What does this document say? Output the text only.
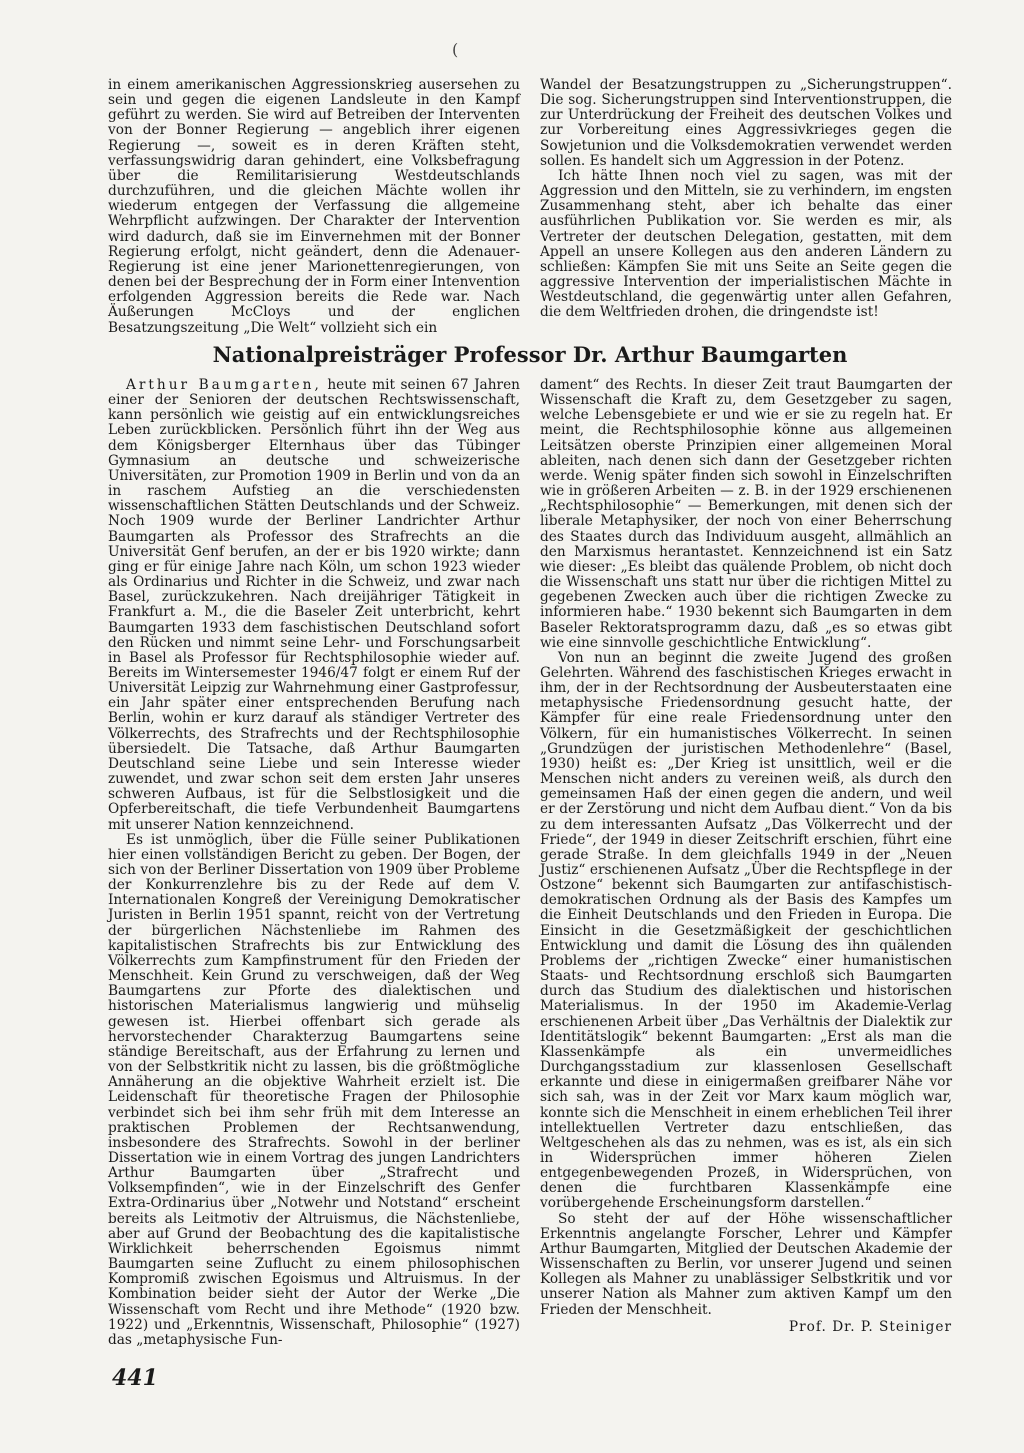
(

in einem amerikanischen Aggressionskrieg ausersehen zu sein und gegen die eigenen Landsleute in den Kampf geführt zu werden. Sie wird auf Betreiben der Interventen von der Bonner Regierung — angeblich ihrer eigenen Regierung —, soweit es in deren Kräften steht, verfassungswidrig daran gehindert, eine Volksbefragung über die Remilitarisierung Westdeutschlands durchzuführen, und die gleichen Mächte wollen ihr wiederum entgegen der Verfassung die allgemeine Wehrpflicht aufzwingen. Der Charakter der Intervention wird dadurch, daß sie im Einvernehmen mit der Bonner Regierung erfolgt, nicht geändert, denn die Adenauer-Regierung ist eine jener Marionettenregierungen, von denen bei der Besprechung der in Form einer Intenvention erfolgenden Aggression bereits die Rede war. Nach Äußerungen McCloys und der englichen Besatzungszeitung „Die Welt“ vollzieht sich ein

Wandel der Besatzungstruppen zu „Sicherungstruppen“. Die sog. Sicherungstruppen sind Interventionstruppen, die zur Unterdrückung der Freiheit des deutschen Volkes und zur Vorbereitung eines Aggressivkrieges gegen die Sowjetunion und die Volksdemokratien verwendet werden sollen. Es handelt sich um Aggression in der Potenz.

Ich hätte Ihnen noch viel zu sagen, was mit der Aggression und den Mitteln, sie zu verhindern, im engsten Zusammenhang steht, aber ich behalte das einer ausführlichen Publikation vor. Sie werden es mir, als Vertreter der deutschen Delegation, gestatten, mit dem Appell an unsere Kollegen aus den anderen Ländern zu schließen: Kämpfen Sie mit uns Seite an Seite gegen die aggressive Intervention der imperialistischen Mächte in Westdeutschland, die gegenwärtig unter allen Gefahren, die dem Weltfrieden drohen, die dringendste ist!

Nationalpreisträger Professor Dr. Arthur Baumgarten

Arthur Baumgarten, heute mit seinen 67 Jahren einer der Senioren der deutschen Rechtswissenschaft, kann persönlich wie geistig auf ein entwicklungsreiches Leben zurückblicken. Persönlich führt ihn der Weg aus dem Königsberger Elternhaus über das Tübinger Gymnasium an deutsche und schweizerische Universitäten, zur Promotion 1909 in Berlin und von da an in raschem Aufstieg an die verschiedensten wissenschaftlichen Stätten Deutschlands und der Schweiz. Noch 1909 wurde der Berliner Landrichter Arthur Baumgarten als Professor des Strafrechts an die Universität Genf berufen, an der er bis 1920 wirkte; dann ging er für einige Jahre nach Köln, um schon 1923 wieder als Ordinarius und Richter in die Schweiz, und zwar nach Basel, zurückzukehren. Nach dreijähriger Tätigkeit in Frankfurt a. M., die die Baseler Zeit unterbricht, kehrt Baumgarten 1933 dem faschistischen Deutschland sofort den Rücken und nimmt seine Lehr- und Forschungsarbeit in Basel als Professor für Rechtsphilosophie wieder auf. Bereits im Wintersemester 1946/47 folgt er einem Ruf der Universität Leipzig zur Wahrnehmung einer Gastprofessur, ein Jahr später einer entsprechenden Berufung nach Berlin, wohin er kurz darauf als ständiger Vertreter des Völkerrechts, des Strafrechts und der Rechtsphilosophie übersiedelt. Die Tatsache, daß Arthur Baumgarten Deutschland seine Liebe und sein Interesse wieder zuwendet, und zwar schon seit dem ersten Jahr unseres schweren Aufbaus, ist für die Selbstlosigkeit und die Opferbereitschaft, die tiefe Verbundenheit Baumgartens mit unserer Nation kennzeichnend.

Es ist unmöglich, über die Fülle seiner Publikationen hier einen vollständigen Bericht zu geben. Der Bogen, der sich von der Berliner Dissertation von 1909 über Probleme der Konkurrenzlehre bis zu der Rede auf dem V. Internationalen Kongreß der Vereinigung Demokratischer Juristen in Berlin 1951 spannt, reicht von der Vertretung der bürgerlichen Nächstenliebe im Rahmen des kapitalistischen Strafrechts bis zur Entwicklung des Völkerrechts zum Kampfinstrument für den Frieden der Menschheit. Kein Grund zu verschweigen, daß der Weg Baumgartens zur Pforte des dialektischen und historischen Materialismus langwierig und mühselig gewesen ist. Hierbei offenbart sich gerade als hervorstechender Charakterzug Baumgartens seine ständige Bereitschaft, aus der Erfahrung zu lernen und von der Selbstkritik nicht zu lassen, bis die größtmögliche Annäherung an die objektive Wahrheit erzielt ist. Die Leidenschaft für theoretische Fragen der Philosophie verbindet sich bei ihm sehr früh mit dem Interesse an praktischen Problemen der Rechtsanwendung, insbesondere des Strafrechts. Sowohl in der berliner Dissertation wie in einem Vortrag des jungen Landrichters Arthur Baumgarten über „Strafrecht und Volksempfinden“, wie in der Einzelschrift des Genfer Extra-Ordinarius über „Notwehr und Notstand“ erscheint bereits als Leitmotiv der Altruismus, die Nächstenliebe, aber auf Grund der Beobachtung des die kapitalistische Wirklichkeit beherrschenden Egoismus nimmt Baumgarten seine Zuflucht zu einem philosophischen Kompromiß zwischen Egoismus und Altruismus. In der Kombination beider sieht der Autor der Werke „Die Wissenschaft vom Recht und ihre Methode“ (1920 bzw. 1922) und „Erkenntnis, Wissenschaft, Philosophie“ (1927) das „metaphysische Fun-

dament“ des Rechts. In dieser Zeit traut Baumgarten der Wissenschaft die Kraft zu, dem Gesetzgeber zu sagen, welche Lebensgebiete er und wie er sie zu regeln hat. Er meint, die Rechtsphilosophie könne aus allgemeinen Leitsätzen oberste Prinzipien einer allgemeinen Moral ableiten, nach denen sich dann der Gesetzgeber richten werde. Wenig später finden sich sowohl in Einzelschriften wie in größeren Arbeiten — z. B. in der 1929 erschienenen „Rechtsphilosophie“ — Bemerkungen, mit denen sich der liberale Metaphysiker, der noch von einer Beherrschung des Staates durch das Individuum ausgeht, allmählich an den Marxismus herantastet. Kennzeichnend ist ein Satz wie dieser: „Es bleibt das quälende Problem, ob nicht doch die Wissenschaft uns statt nur über die richtigen Mittel zu gegebenen Zwecken auch über die richtigen Zwecke zu informieren habe.“ 1930 bekennt sich Baumgarten in dem Baseler Rektoratsprogramm dazu, daß „es so etwas gibt wie eine sinnvolle geschichtliche Entwicklung“.

Von nun an beginnt die zweite Jugend des großen Gelehrten. Während des faschistischen Krieges erwacht in ihm, der in der Rechtsordnung der Ausbeuterstaaten eine metaphysische Friedensordnung gesucht hatte, der Kämpfer für eine reale Friedensordnung unter den Völkern, für ein humanistisches Völkerrecht. In seinen „Grundzügen der juristischen Methodenlehre“ (Basel, 1930) heißt es: „Der Krieg ist unsittlich, weil er die Menschen nicht anders zu vereinen weiß, als durch den gemeinsamen Haß der einen gegen die andern, und weil er der Zerstörung und nicht dem Aufbau dient.“ Von da bis zu dem interessanten Aufsatz „Das Völkerrecht und der Friede“, der 1949 in dieser Zeitschrift erschien, führt eine gerade Straße. In dem gleichfalls 1949 in der „Neuen Justiz“ erschienenen Aufsatz „Über die Rechtspflege in der Ostzone“ bekennt sich Baumgarten zur antifaschistisch-demokratischen Ordnung als der Basis des Kampfes um die Einheit Deutschlands und den Frieden in Europa. Die Einsicht in die Gesetzmäßigkeit der geschichtlichen Entwicklung und damit die Lösung des ihn quälenden Problems der „richtigen Zwecke“ einer humanistischen Staats- und Rechtsordnung erschloß sich Baumgarten durch das Studium des dialektischen und historischen Materialismus. In der 1950 im Akademie-Verlag erschienenen Arbeit über „Das Verhältnis der Dialektik zur Identitätslogik“ bekennt Baumgarten: „Erst als man die Klassenkämpfe als ein unvermeidliches Durchgangsstadium zur klassenlosen Gesellschaft erkannte und diese in einigermaßen greifbarer Nähe vor sich sah, was in der Zeit vor Marx kaum möglich war, konnte sich die Menschheit in einem erheblichen Teil ihrer intellektuellen Vertreter dazu entschließen, das Weltgeschehen als das zu nehmen, was es ist, als ein sich in Widersprüchen immer höheren Zielen entgegenbewegenden Prozeß, in Widersprüchen, von denen die furchtbaren Klassenkämpfe eine vorübergehende Erscheinungsform darstellen.“

So steht der auf der Höhe wissenschaftlicher Erkenntnis angelangte Forscher, Lehrer und Kämpfer Arthur Baumgarten, Mitglied der Deutschen Akademie der Wissenschaften zu Berlin, vor unserer Jugend und seinen Kollegen als Mahner zu unablässiger Selbstkritik und vor unserer Nation als Mahner zum aktiven Kampf um den Frieden der Menschheit.

Prof. Dr. P. Steiniger

441
